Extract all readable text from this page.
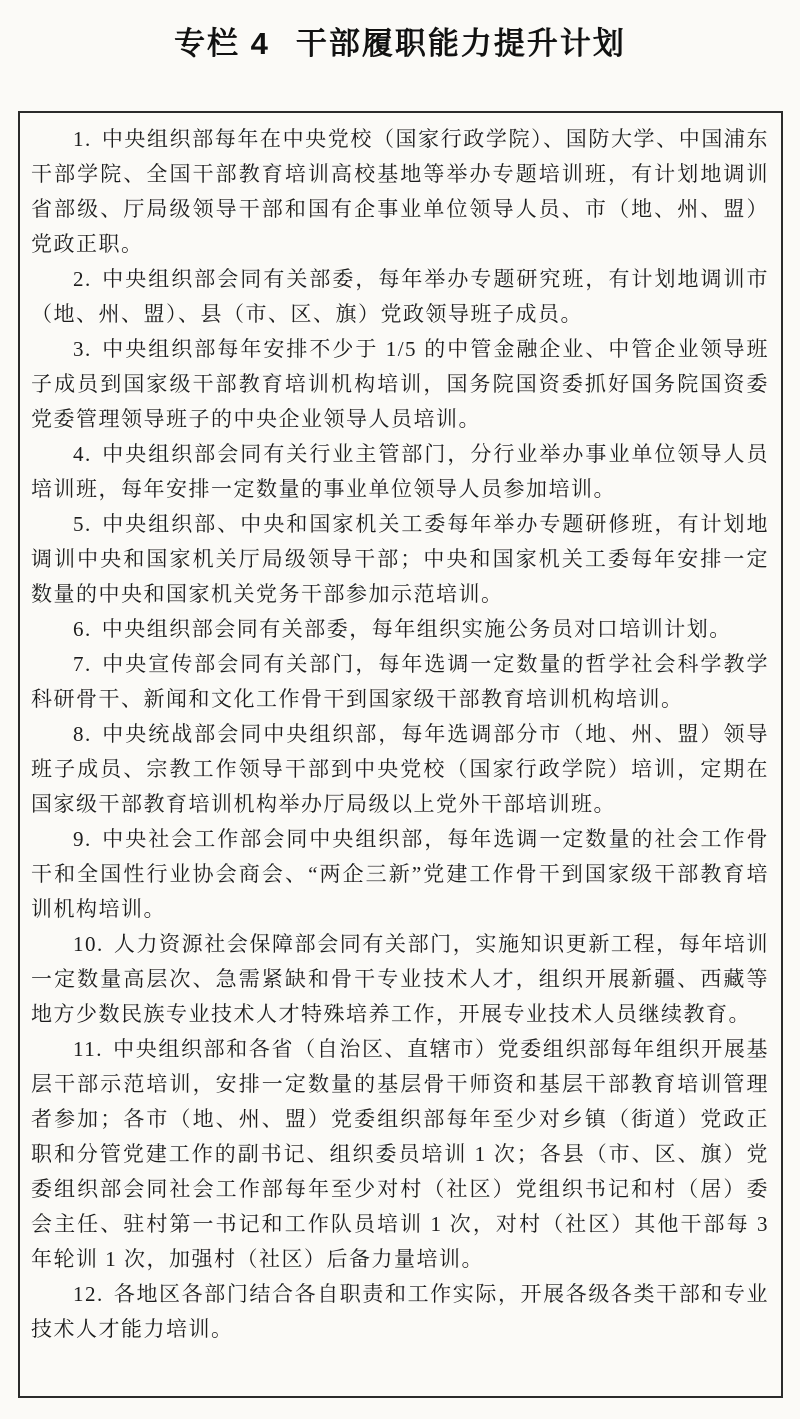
专栏 4 干部履职能力提升计划

1. 中央组织部每年在中央党校（国家行政学院）、国防大学、中国浦东干部学院、全国干部教育培训高校基地等举办专题培训班，有计划地调训省部级、厅局级领导干部和国有企事业单位领导人员、市（地、州、盟）党政正职。

2. 中央组织部会同有关部委，每年举办专题研究班，有计划地调训市（地、州、盟）、县（市、区、旗）党政领导班子成员。

3. 中央组织部每年安排不少于 1/5 的中管金融企业、中管企业领导班子成员到国家级干部教育培训机构培训，国务院国资委抓好国务院国资委党委管理领导班子的中央企业领导人员培训。

4. 中央组织部会同有关行业主管部门，分行业举办事业单位领导人员培训班，每年安排一定数量的事业单位领导人员参加培训。

5. 中央组织部、中央和国家机关工委每年举办专题研修班，有计划地调训中央和国家机关厅局级领导干部；中央和国家机关工委每年安排一定数量的中央和国家机关党务干部参加示范培训。

6. 中央组织部会同有关部委，每年组织实施公务员对口培训计划。

7. 中央宣传部会同有关部门，每年选调一定数量的哲学社会科学教学科研骨干、新闻和文化工作骨干到国家级干部教育培训机构培训。

8. 中央统战部会同中央组织部，每年选调部分市（地、州、盟）领导班子成员、宗教工作领导干部到中央党校（国家行政学院）培训，定期在国家级干部教育培训机构举办厅局级以上党外干部培训班。

9. 中央社会工作部会同中央组织部，每年选调一定数量的社会工作骨干和全国性行业协会商会、“两企三新”党建工作骨干到国家级干部教育培训机构培训。

10. 人力资源社会保障部会同有关部门，实施知识更新工程，每年培训一定数量高层次、急需紧缺和骨干专业技术人才，组织开展新疆、西藏等地方少数民族专业技术人才特殊培养工作，开展专业技术人员继续教育。

11. 中央组织部和各省（自治区、直辖市）党委组织部每年组织开展基层干部示范培训，安排一定数量的基层骨干师资和基层干部教育培训管理者参加；各市（地、州、盟）党委组织部每年至少对乡镇（街道）党政正职和分管党建工作的副书记、组织委员培训 1 次；各县（市、区、旗）党委组织部会同社会工作部每年至少对村（社区）党组织书记和村（居）委会主任、驻村第一书记和工作队员培训 1 次，对村（社区）其他干部每 3 年轮训 1 次，加强村（社区）后备力量培训。

12. 各地区各部门结合各自职责和工作实际，开展各级各类干部和专业技术人才能力培训。
